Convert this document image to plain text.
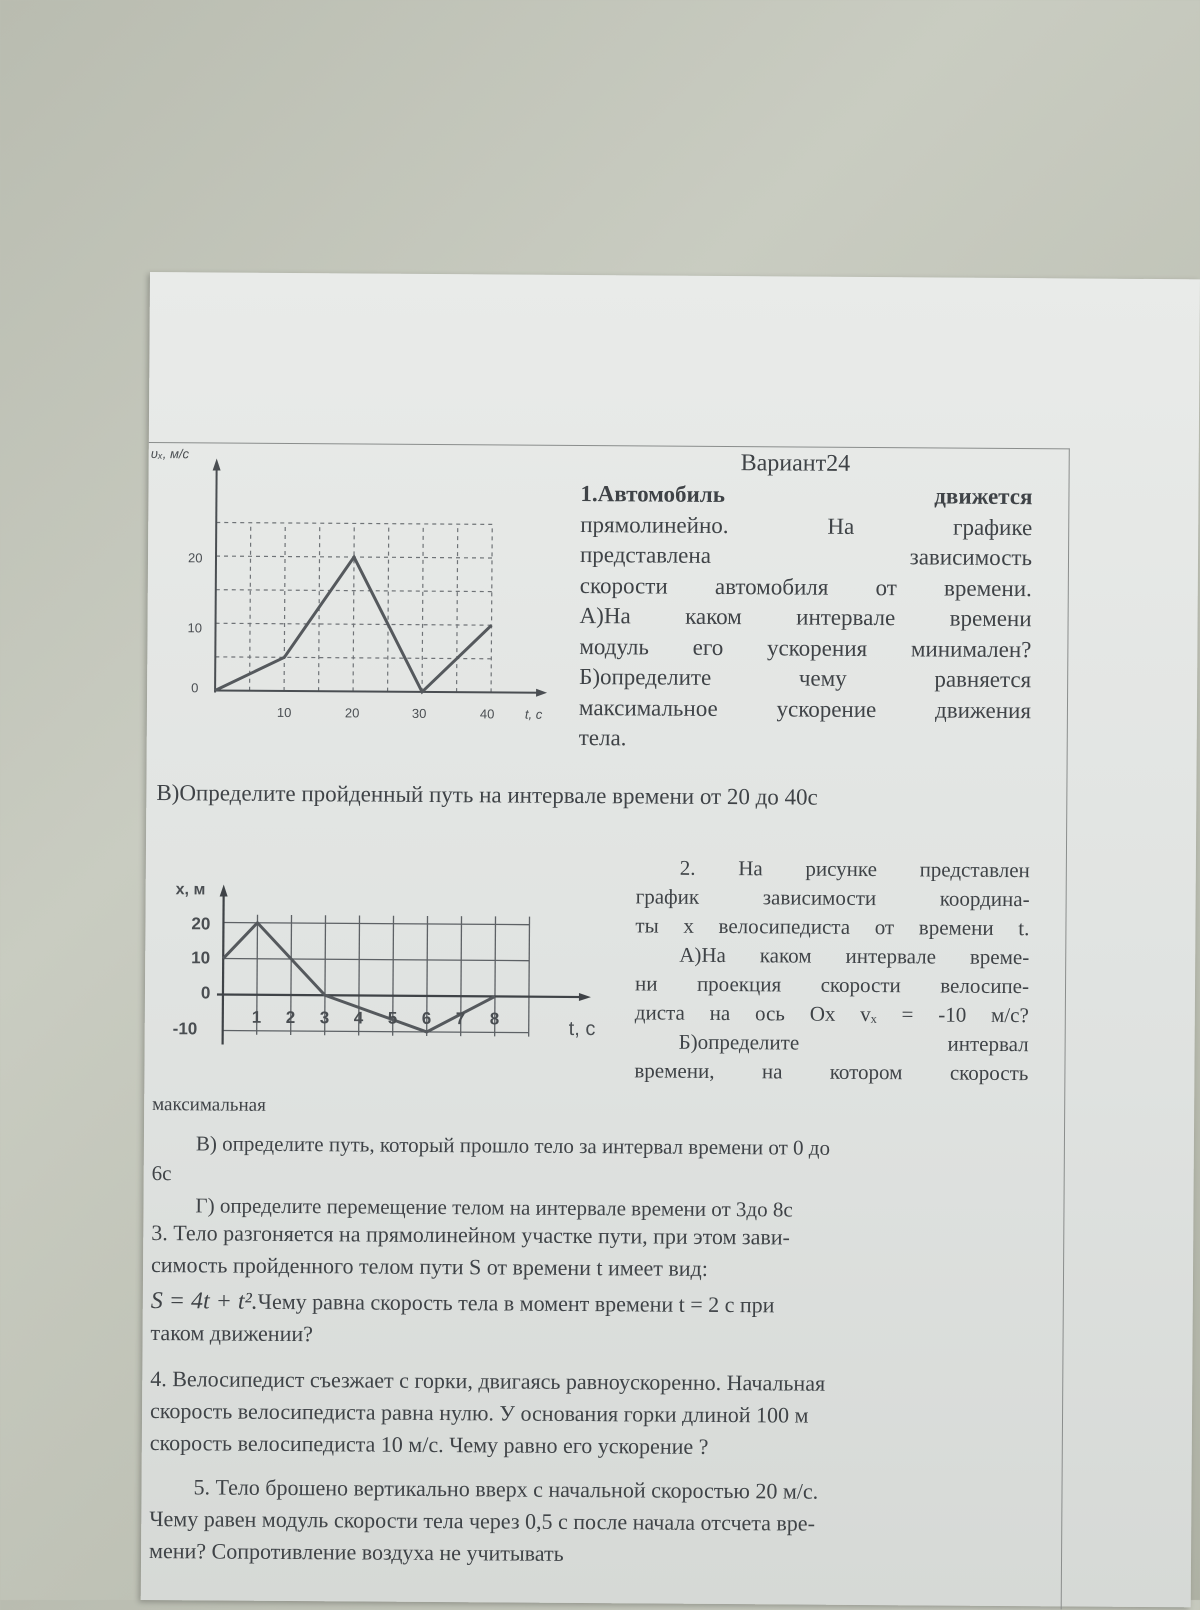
υₓ, м/с
t, c
20
10
0
10	20	30	40
Вариант24
1.Автомобиль движется
прямолинейно. На графике
представлена зависимость
скорости автомобиля от времени.
А)На каком интервале времени
модуль его ускорения минимален?
Б)определите чему равняется
максимальное ускорение движения
тела.
В)Определите пройденный путь на интервале времени от 20 до 40с
x, м
t, c
20
10
0
-10
1 2 3 4 5 6 7 8
2. На рисунке представлен
график зависимости координа-
ты x велосипедиста от времени t.
А)На каком интервале време-
ни проекция скорости велосипе-
диста на ось Ox vₓ = -10 м/с?
Б)определите интервал
времени, на котором скорость
максимальная
В) определите путь, который прошло тело за интервал времени от 0 до
6с
Г) определите перемещение телом на интервале времени от 3до 8с
3. Тело разгоняется на прямолинейном участке пути, при этом зави-
симость пройденного телом пути S от времени t имеет вид:
S = 4t + t².Чему равна скорость тела в момент времени t = 2 с при
таком движении?
4. Велосипедист съезжает с горки, двигаясь равноускоренно. Начальная
скорость велосипедиста равна нулю. У основания горки длиной 100 м
скорость велосипедиста 10 м/с. Чему равно его ускорение ?
5. Тело брошено вертикально вверх с начальной скоростью 20 м/с.
Чему равен модуль скорости тела через 0,5 с после начала отсчета вре-
мени? Сопротивление воздуха не учитывать
